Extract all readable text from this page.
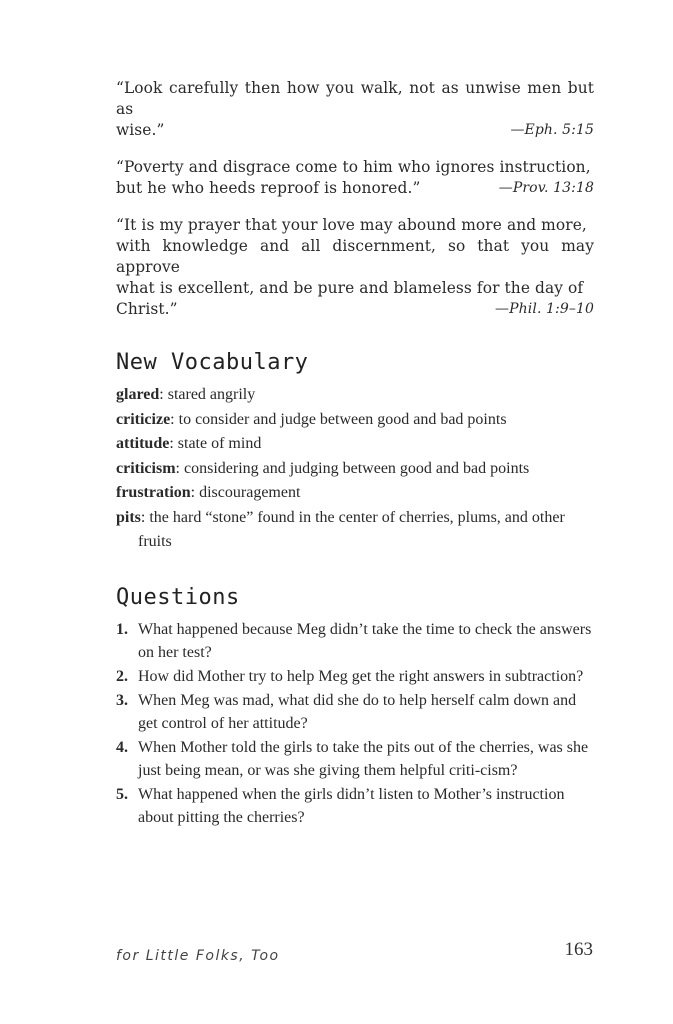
“Look carefully then how you walk, not as unwise men but as
wise.”	—Eph. 5:15
“Poverty and disgrace come to him who ignores instruction,
but he who heeds reproof is honored.”	—Prov. 13:18
“It is my prayer that your love may abound more and more,
with knowledge and all discernment, so that you may approve
what is excellent, and be pure and blameless for the day of
Christ.”	—Phil. 1:9–10
New Vocabulary
glared: stared angrily
criticize: to consider and judge between good and bad points
attitude: state of mind
criticism: considering and judging between good and bad points
frustration: discouragement
pits: the hard “stone” found in the center of cherries, plums, and other fruits
Questions
1. What happened because Meg didn’t take the time to check the answers on her test?
2. How did Mother try to help Meg get the right answers in subtraction?
3. When Meg was mad, what did she do to help herself calm down and get control of her attitude?
4. When Mother told the girls to take the pits out of the cherries, was she just being mean, or was she giving them helpful criti-cism?
5. What happened when the girls didn’t listen to Mother’s instruction about pitting the cherries?
for Little Folks, Too	163
